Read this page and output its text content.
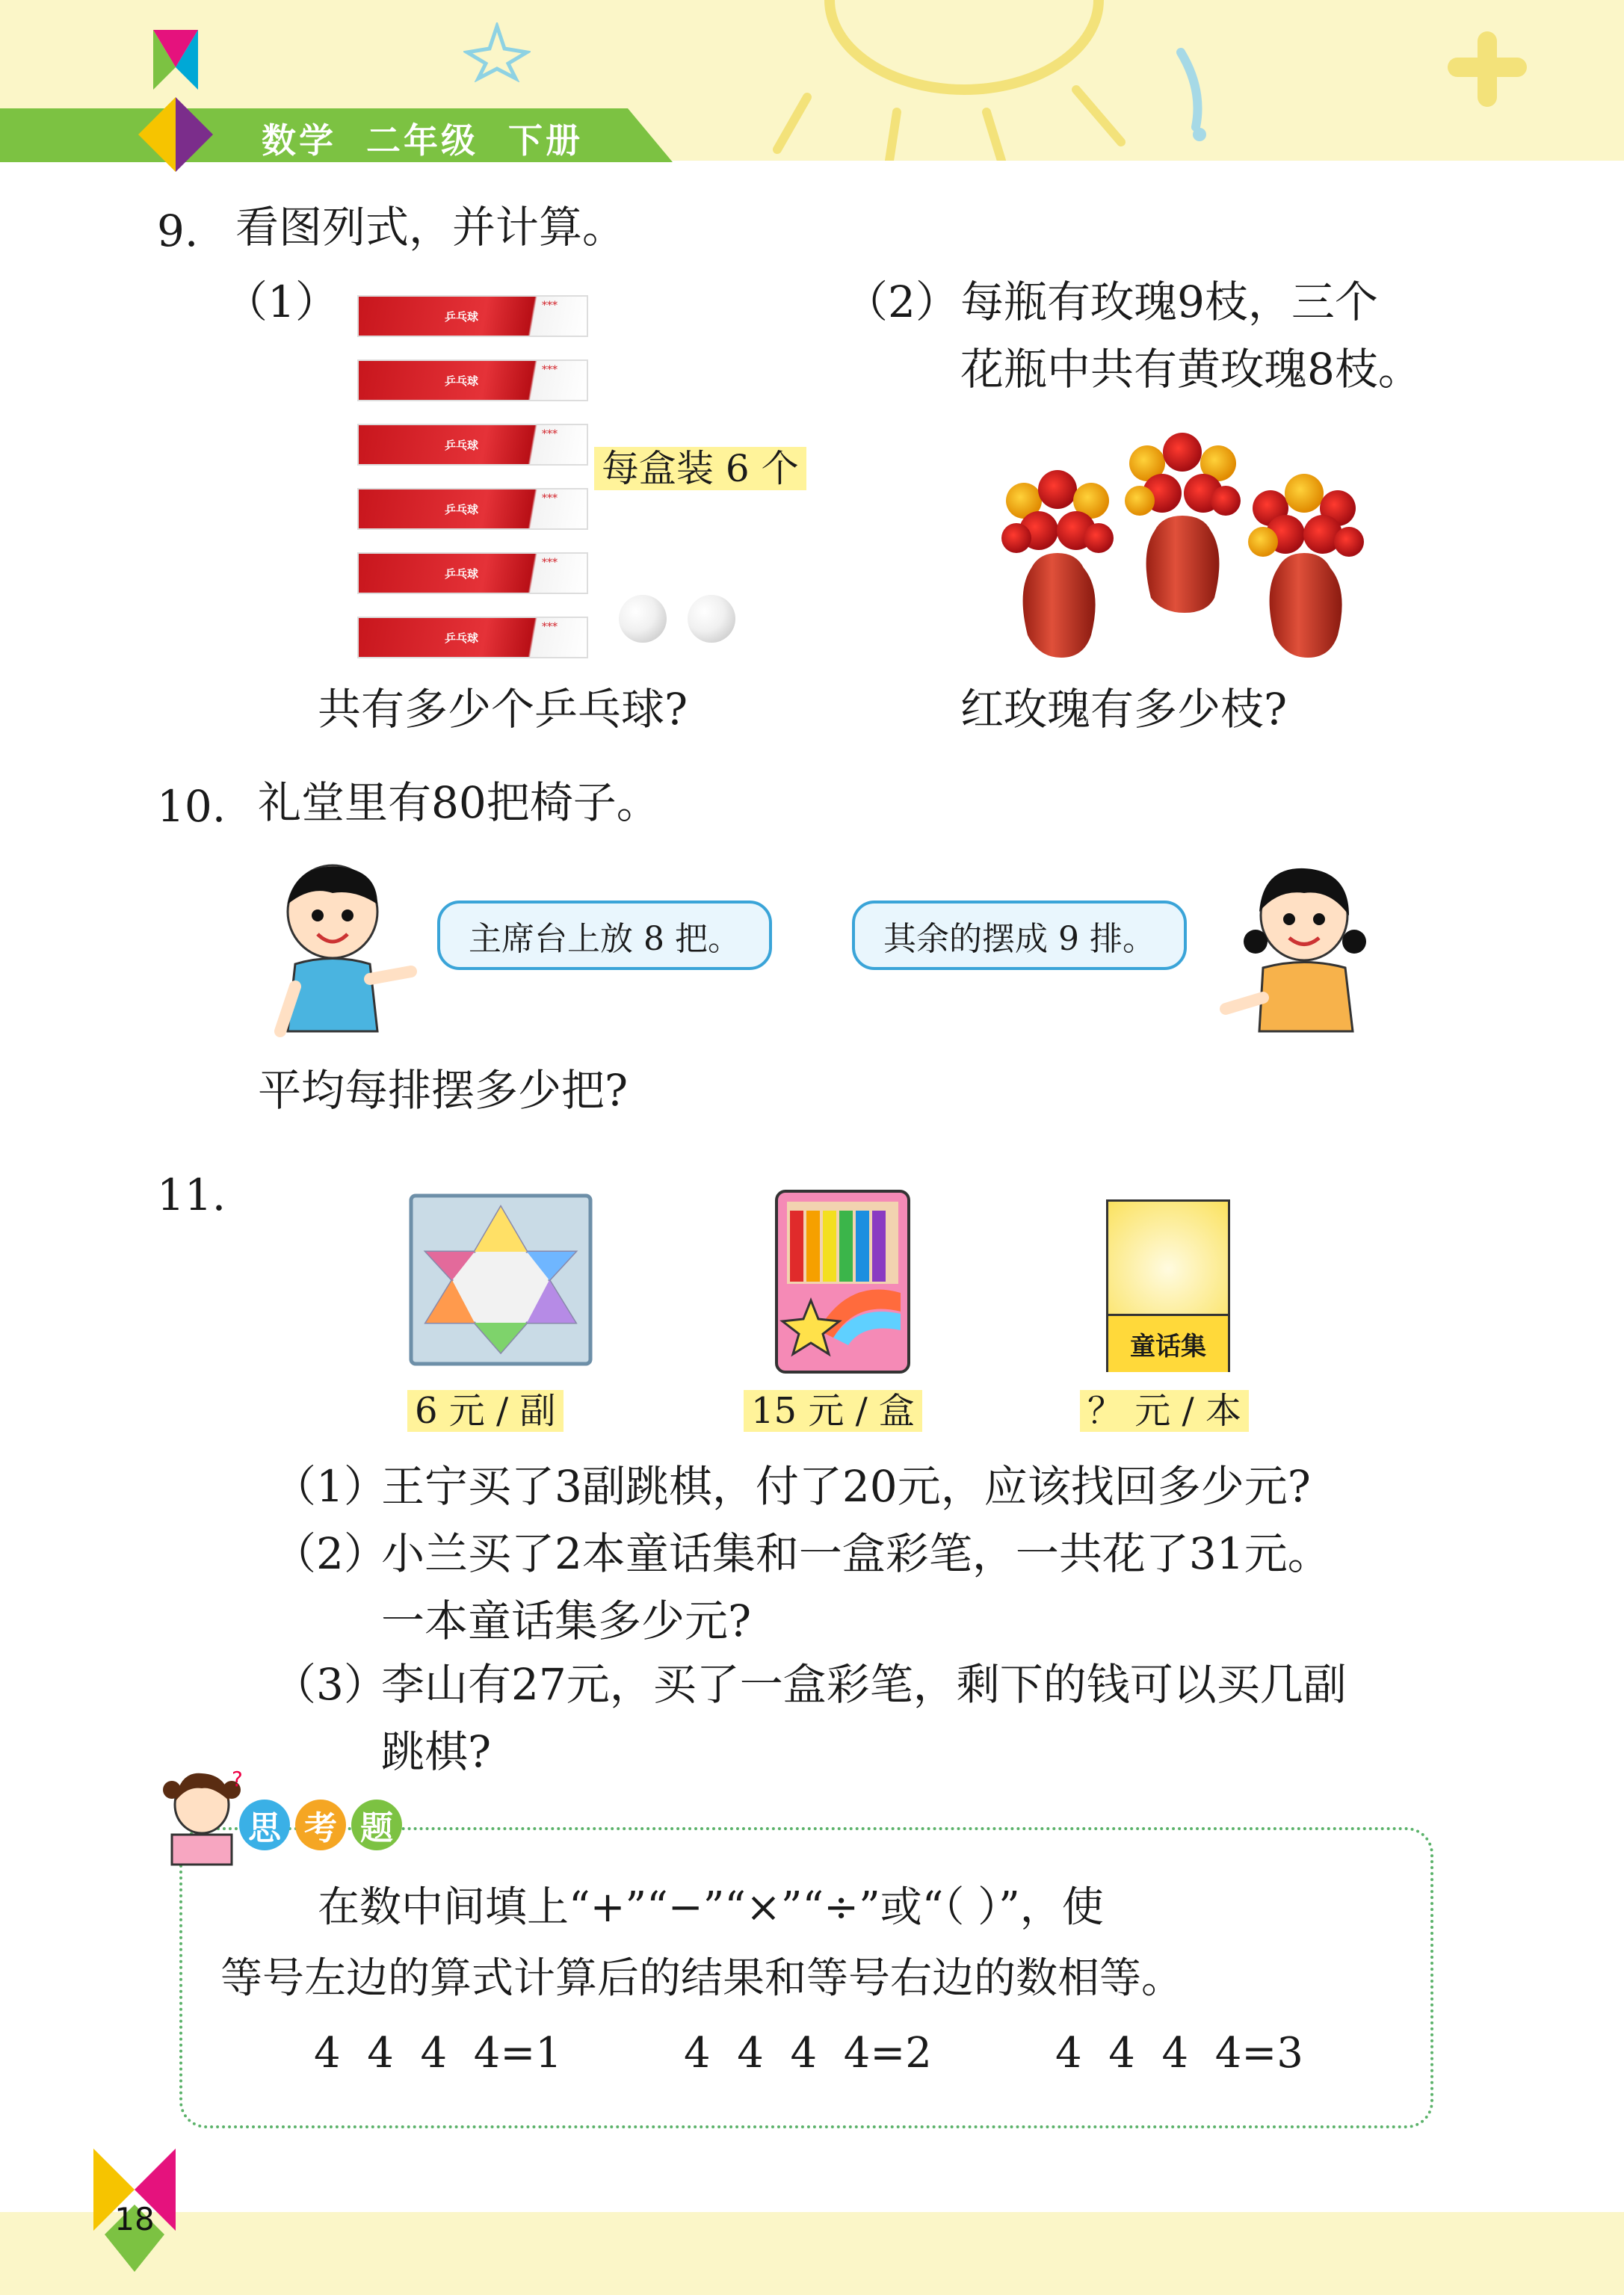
数学  二年级  下册
9. 看图列式，并计算。
（1）	乒乓球
***
乒乓球
***
乒乓球
***
乒乓球
***
乒乓球
***
乒乓球
***
每盒装 6 个
共有多少个乒乓球?
（2） 每瓶有玫瑰9枝，三个
花瓶中共有黄玫瑰8枝。
红玫瑰有多少枝?
10. 礼堂里有80把椅子。
主席台上放 8 把。	其余的摆成 9 排。
平均每排摆多少把?
11.
6 元 / 副	15 元 / 盒
童话集
？ 元 / 本
（1）
王宁买了3副跳棋，付了20元，应该找回多少元?
（2）
小兰买了2本童话集和一盒彩笔，一共花了31元。
一本童话集多少元?
（3）
李山有27元，买了一盒彩笔，剩下的钱可以买几副
跳棋?
?
思 考 题
在数中间填上“+”“−”“×”“÷”或“（ ）”，使
等号左边的算式计算后的结果和等号右边的数相等。
4  4  4  4=1	4  4  4  4=2	4  4  4  4=3
18
